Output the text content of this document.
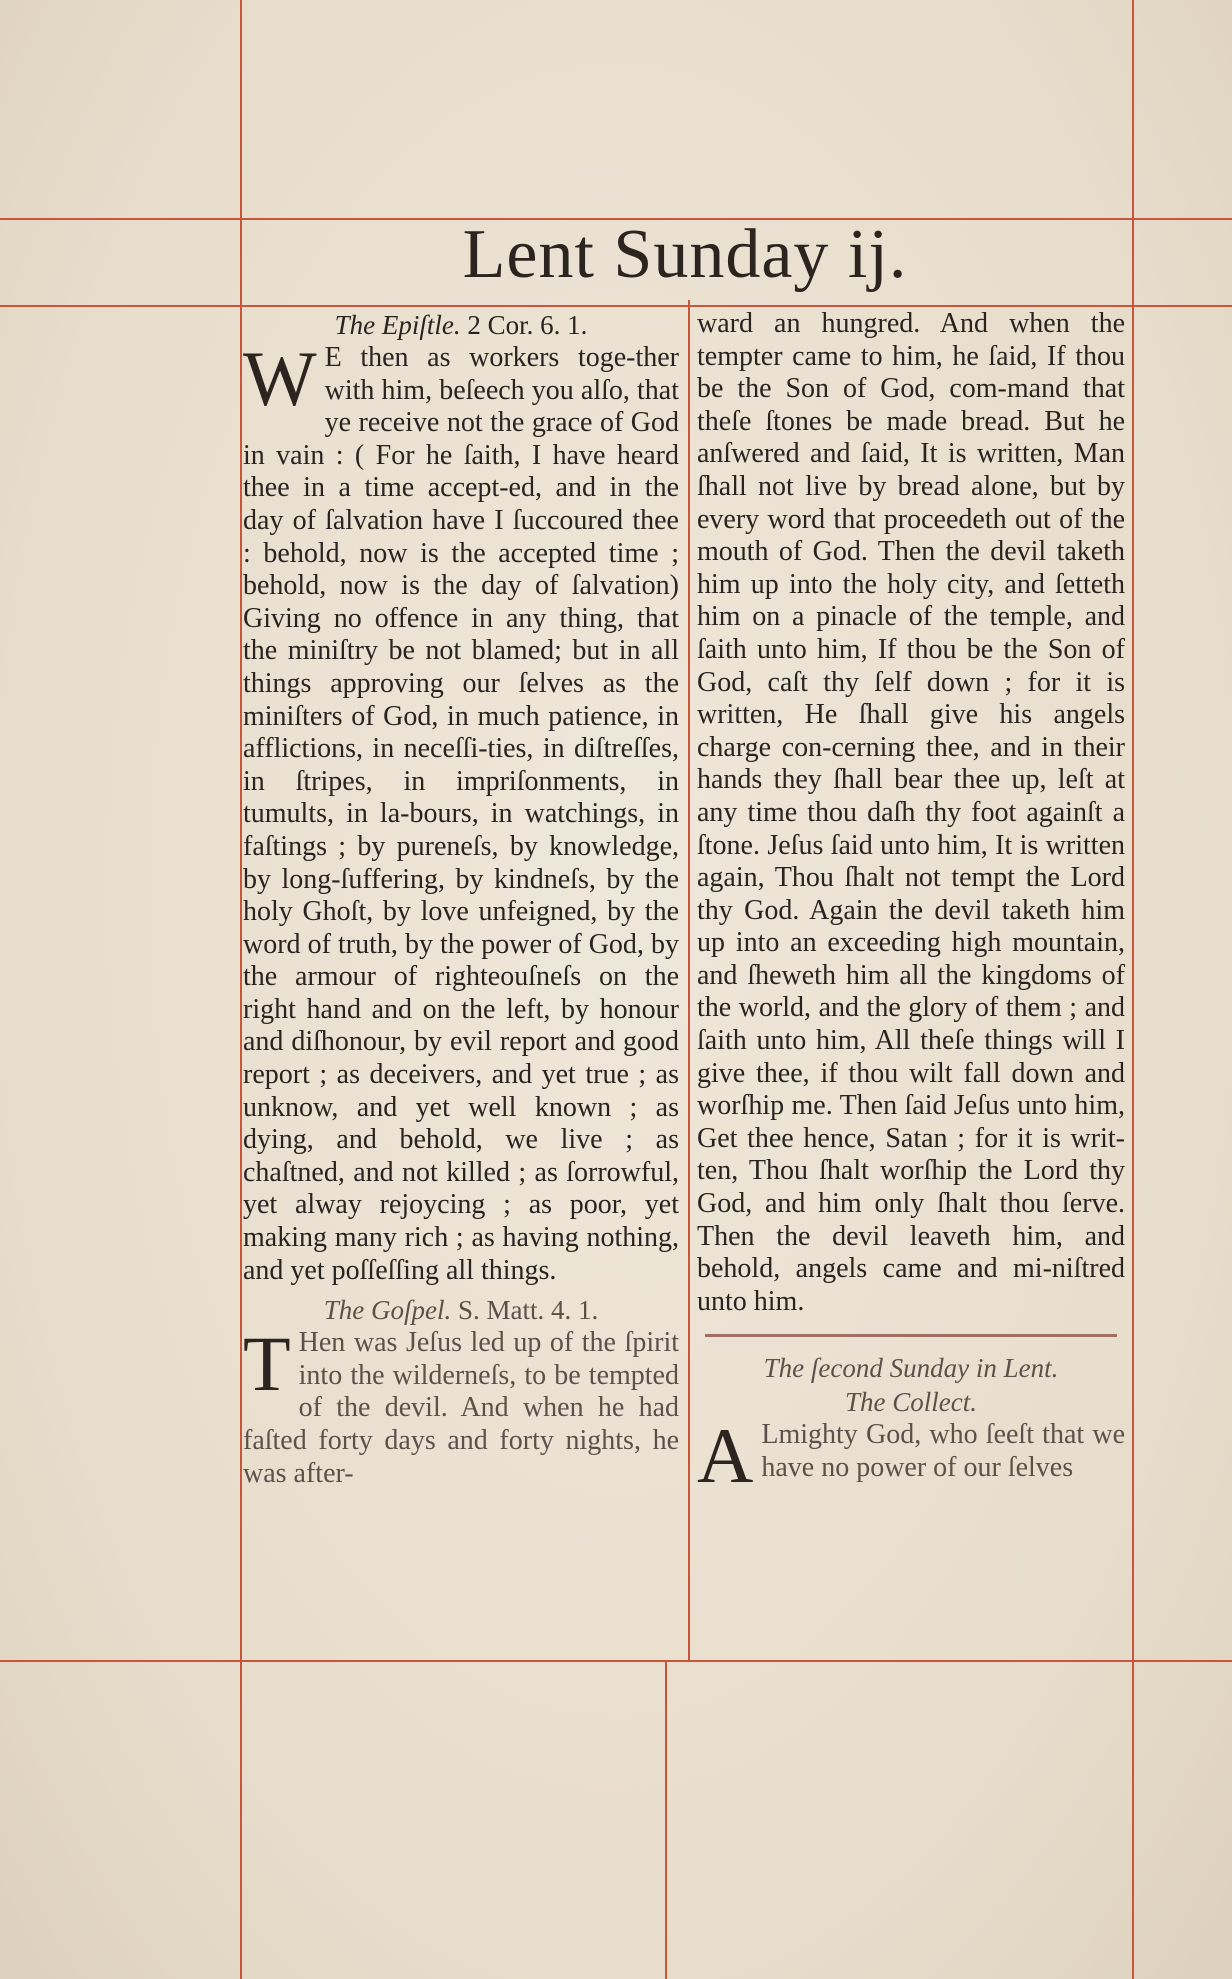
Lent Sunday ij.
The Epiſtle. 2 Cor. 6. 1.

W E then as workers toge-ther with him, beſeech you alſo, that ye receive not the grace of God in vain : ( For he ſaith, I have heard thee in a time accept-ed, and in the day of ſalvation have I ſuccoured thee : behold, now is the accepted time ; behold, now is the day of ſalvation) Giving no offence in any thing, that the miniſtry be not blamed; but in all things approving our ſelves as the miniſters of God, in much patience, in afflictions, in neceſſi-ties, in diſtreſſes, in ſtripes, in impriſonments, in tumults, in la-bours, in watchings, in faſtings ; by pureneſs, by knowledge, by long-ſuffering, by kindneſs, by the holy Ghoſt, by love unfeigned, by the word of truth, by the power of God, by the armour of righteouſneſs on the right hand and on the left, by honour and diſhonour, by evil report and good report ; as deceivers, and yet true ; as unknow, and yet well known ; as dying, and behold, we live ; as chaſtned, and not killed ; as ſorrowful, yet alway rejoycing ; as poor, yet making many rich ; as having nothing, and yet poſſeſſing all things.

The Goſpel. S. Matt. 4. 1.

T Hen was Jeſus led up of the ſpirit into the wilderneſs, to be tempted of the devil. And when he had faſted forty days and forty nights, he was after-

ward an hungred. And when the tempter came to him, he ſaid, If thou be the Son of God, com-mand that theſe ſtones be made bread. But he anſwered and ſaid, It is written, Man ſhall not live by bread alone, but by every word that proceedeth out of the mouth of God. Then the devil taketh him up into the holy city, and ſetteth him on a pinacle of the temple, and ſaith unto him, If thou be the Son of God, caſt thy ſelf down ; for it is written, He ſhall give his angels charge con-cerning thee, and in their hands they ſhall bear thee up, leſt at any time thou daſh thy foot againſt a ſtone. Jeſus ſaid unto him, It is written again, Thou ſhalt not tempt the Lord thy God. Again the devil taketh him up into an exceeding high mountain, and ſheweth him all the kingdoms of the world, and the glory of them ; and ſaith unto him, All theſe things will I give thee, if thou wilt fall down and worſhip me. Then ſaid Jeſus unto him, Get thee hence, Satan ; for it is writ-ten, Thou ſhalt worſhip the Lord thy God, and him only ſhalt thou ſerve. Then the devil leaveth him, and behold, angels came and mi-niſtred unto him.

The ſecond Sunday in Lent.
The Collect.

A Lmighty God, who ſeeſt that we have no power of our ſelves
